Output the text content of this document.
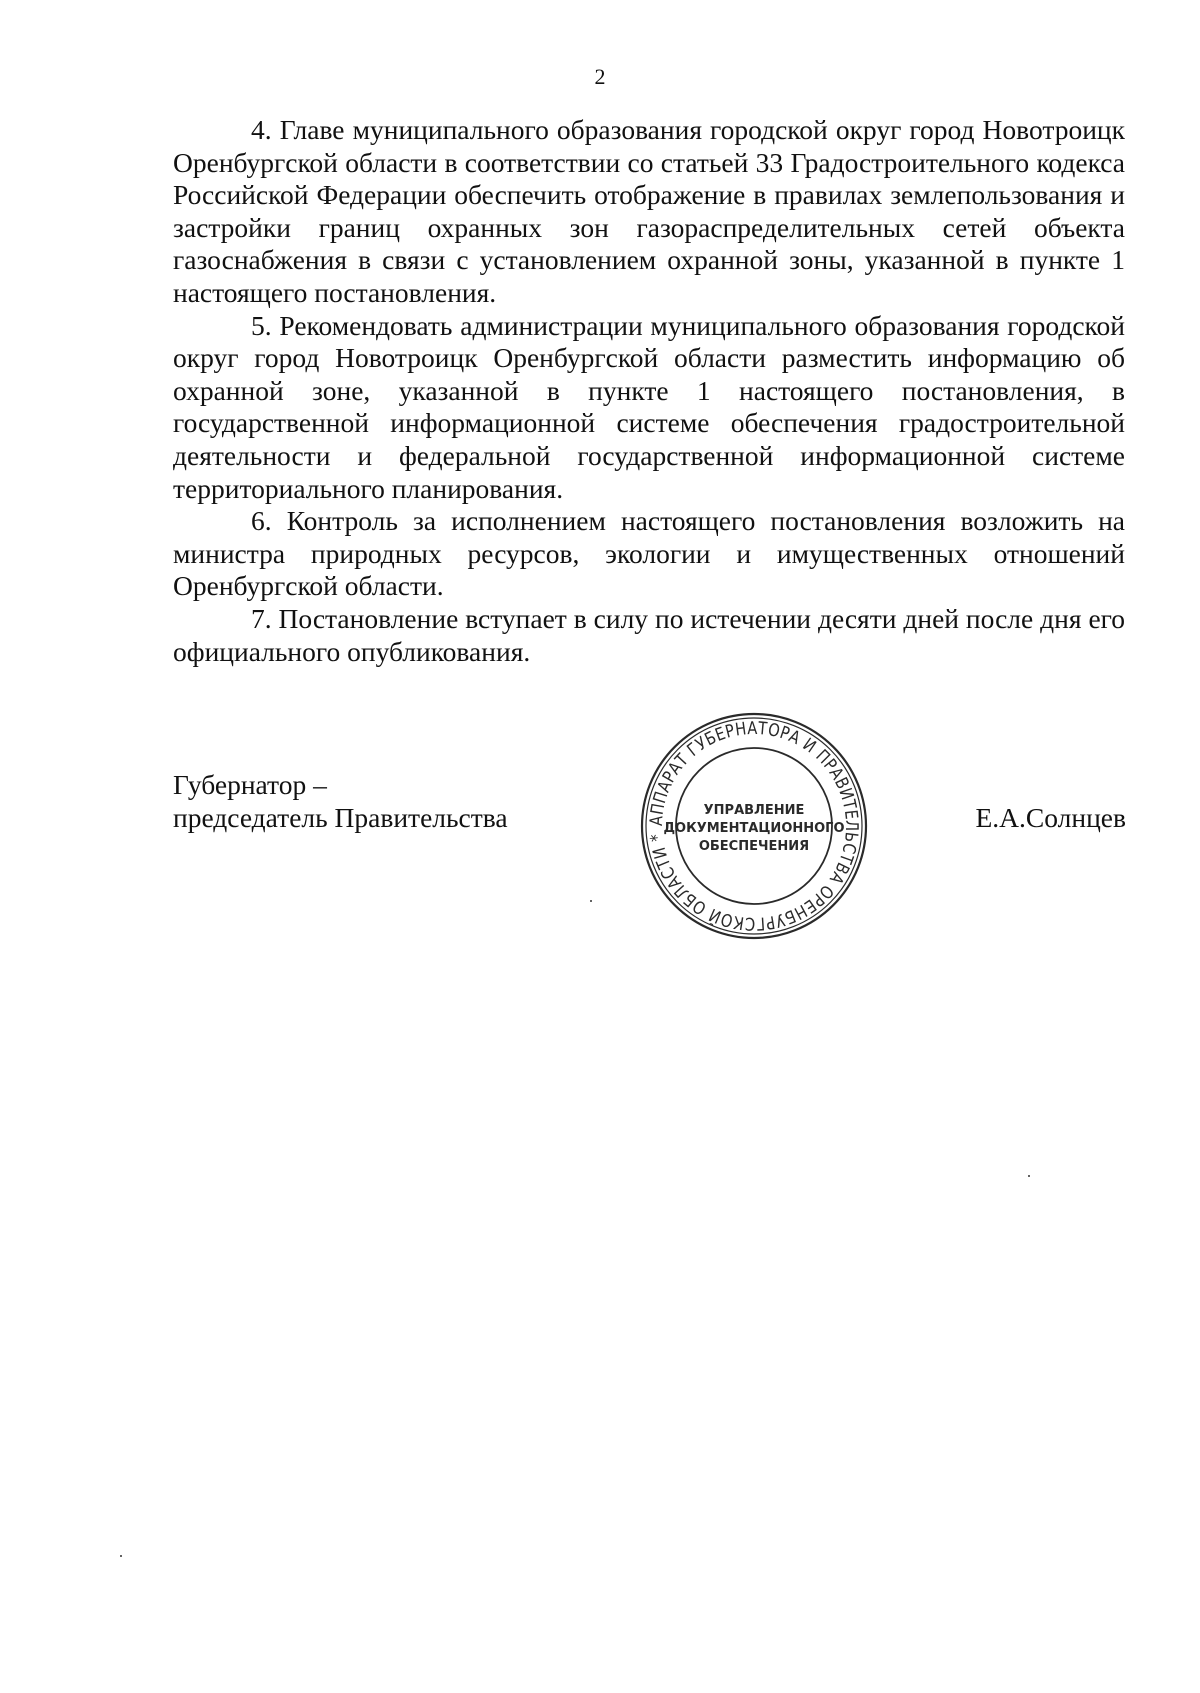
2

4. Главе муниципального образования городской округ город Новотроицк Оренбургской области в соответствии со статьей 33 Градостроительного кодекса Российской Федерации обеспечить отображение в правилах землепользования и застройки границ охранных зон газораспределительных сетей объекта газоснабжения в связи с установлением охранной зоны, указанной в пункте 1 настоящего постановления.

5. Рекомендовать администрации муниципального образования городской округ город Новотроицк Оренбургской области разместить информацию об охранной зоне, указанной в пункте 1 настоящего постановления, в государственной информационной системе обеспечения градостроительной деятельности и федеральной государственной информационной системе территориального планирования.

6. Контроль за исполнением настоящего постановления возложить на министра природных ресурсов, экологии и имущественных отношений Оренбургской области.

7. Постановление вступает в силу по истечении десяти дней после дня его официального опубликования.

Губернатор –
председатель Правительства	Е.А.Солнцев
АППАРАТ ГУБЕРНАТОРА И ПРАВИТЕЛЬСТВА ОРЕНБУРГСКОЙ ОБЛАСТИ *
УПРАВЛЕНИЕ
ДОКУМЕНТАЦИОННОГО
ОБЕСПЕЧЕНИЯ
